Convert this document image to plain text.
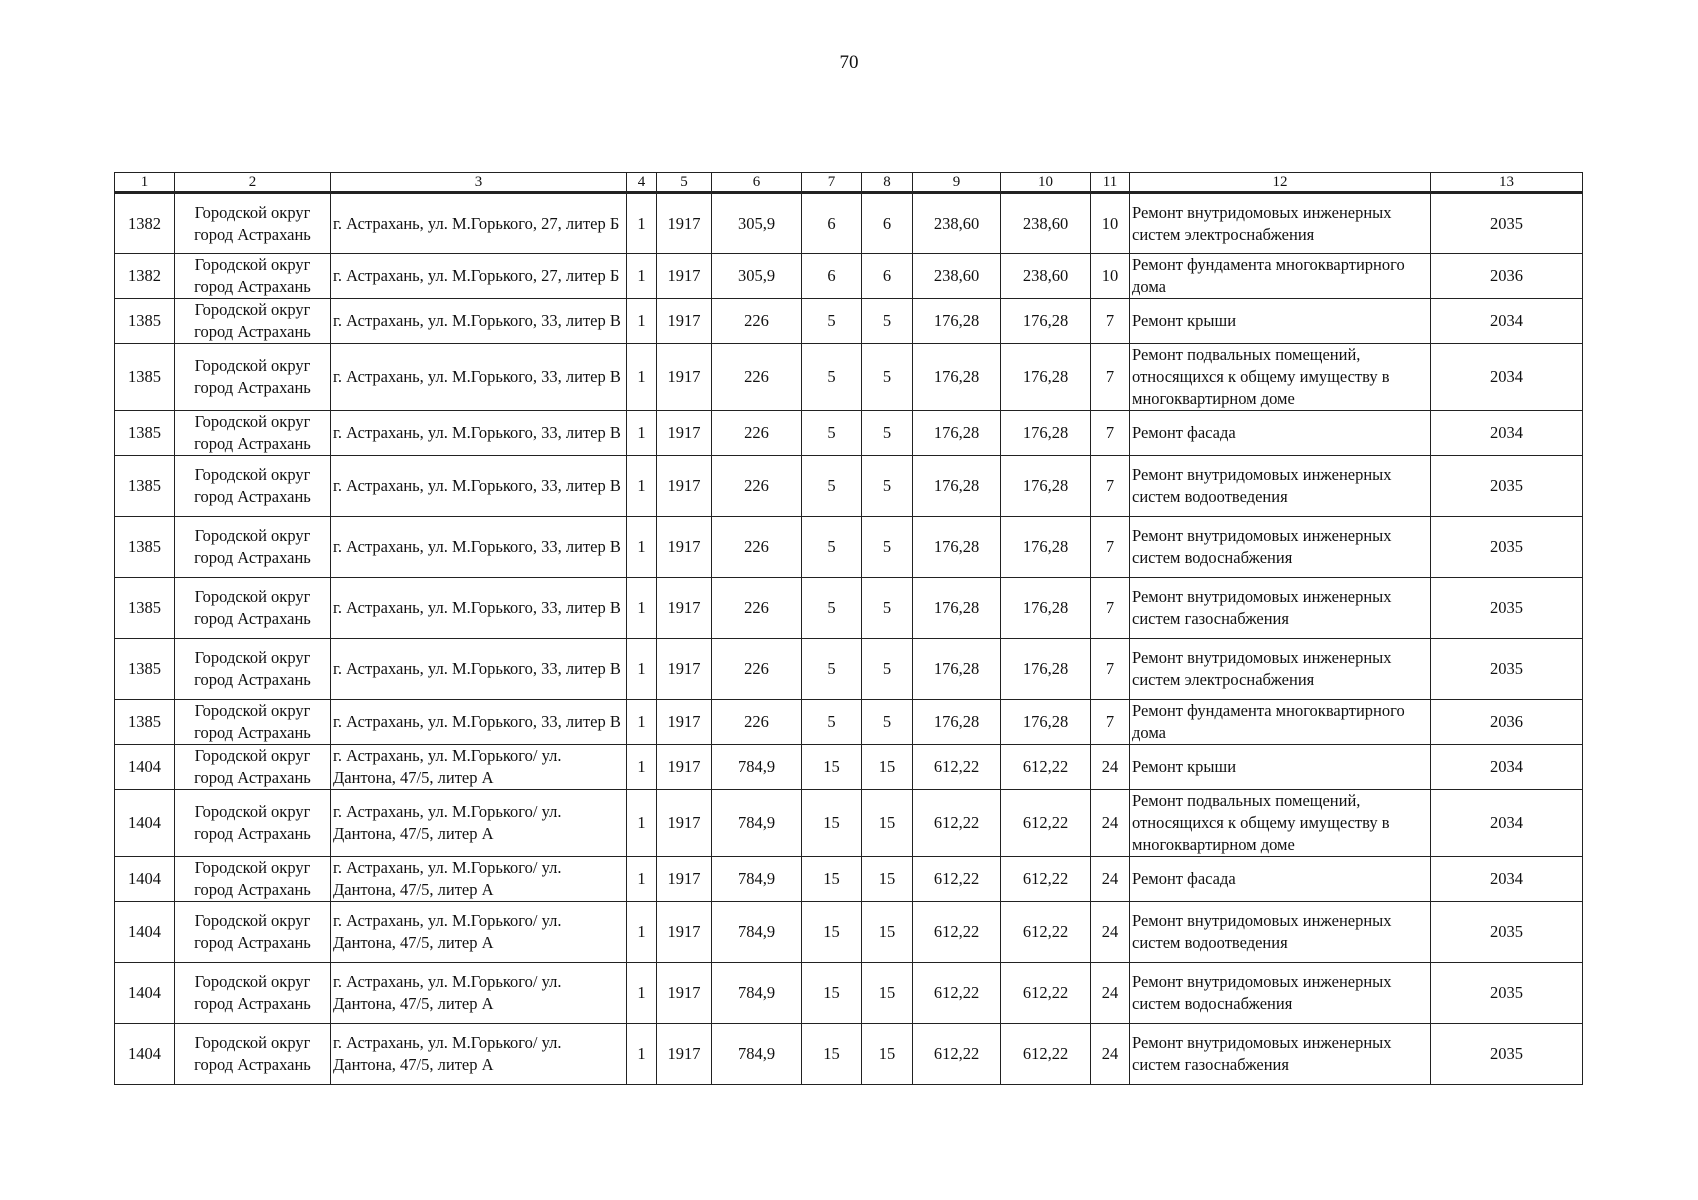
70
1	2	3	4	5	6	7	8	9	10	11	12	13
1382	Городской округ город Астрахань	г. Астрахань, ул. М.Горького, 27, литер Б	1	1917	305,9	6	6	238,60	238,60	10	Ремонт внутридомовых инженерных систем электроснабжения	2035
1382	Городской округ город Астрахань	г. Астрахань, ул. М.Горького, 27, литер Б	1	1917	305,9	6	6	238,60	238,60	10	Ремонт фундамента многоквартирного дома	2036
1385	Городской округ город Астрахань	г. Астрахань, ул. М.Горького, 33, литер В	1	1917	226	5	5	176,28	176,28	7	Ремонт крыши	2034
1385	Городской округ город Астрахань	г. Астрахань, ул. М.Горького, 33, литер В	1	1917	226	5	5	176,28	176,28	7	Ремонт подвальных помещений, относящихся к общему имуществу в многоквартирном доме	2034
1385	Городской округ город Астрахань	г. Астрахань, ул. М.Горького, 33, литер В	1	1917	226	5	5	176,28	176,28	7	Ремонт фасада	2034
1385	Городской округ город Астрахань	г. Астрахань, ул. М.Горького, 33, литер В	1	1917	226	5	5	176,28	176,28	7	Ремонт внутридомовых инженерных систем водоотведения	2035
1385	Городской округ город Астрахань	г. Астрахань, ул. М.Горького, 33, литер В	1	1917	226	5	5	176,28	176,28	7	Ремонт внутридомовых инженерных систем водоснабжения	2035
1385	Городской округ город Астрахань	г. Астрахань, ул. М.Горького, 33, литер В	1	1917	226	5	5	176,28	176,28	7	Ремонт внутридомовых инженерных систем газоснабжения	2035
1385	Городской округ город Астрахань	г. Астрахань, ул. М.Горького, 33, литер В	1	1917	226	5	5	176,28	176,28	7	Ремонт внутридомовых инженерных систем электроснабжения	2035
1385	Городской округ город Астрахань	г. Астрахань, ул. М.Горького, 33, литер В	1	1917	226	5	5	176,28	176,28	7	Ремонт фундамента многоквартирного дома	2036
1404	Городской округ город Астрахань	г. Астрахань, ул. М.Горького/ ул. Дантона, 47/5, литер А	1	1917	784,9	15	15	612,22	612,22	24	Ремонт крыши	2034
1404	Городской округ город Астрахань	г. Астрахань, ул. М.Горького/ ул. Дантона, 47/5, литер А	1	1917	784,9	15	15	612,22	612,22	24	Ремонт подвальных помещений, относящихся к общему имуществу в многоквартирном доме	2034
1404	Городской округ город Астрахань	г. Астрахань, ул. М.Горького/ ул. Дантона, 47/5, литер А	1	1917	784,9	15	15	612,22	612,22	24	Ремонт фасада	2034
1404	Городской округ город Астрахань	г. Астрахань, ул. М.Горького/ ул. Дантона, 47/5, литер А	1	1917	784,9	15	15	612,22	612,22	24	Ремонт внутридомовых инженерных систем водоотведения	2035
1404	Городской округ город Астрахань	г. Астрахань, ул. М.Горького/ ул. Дантона, 47/5, литер А	1	1917	784,9	15	15	612,22	612,22	24	Ремонт внутридомовых инженерных систем водоснабжения	2035
1404	Городской округ город Астрахань	г. Астрахань, ул. М.Горького/ ул. Дантона, 47/5, литер А	1	1917	784,9	15	15	612,22	612,22	24	Ремонт внутридомовых инженерных систем газоснабжения	2035
